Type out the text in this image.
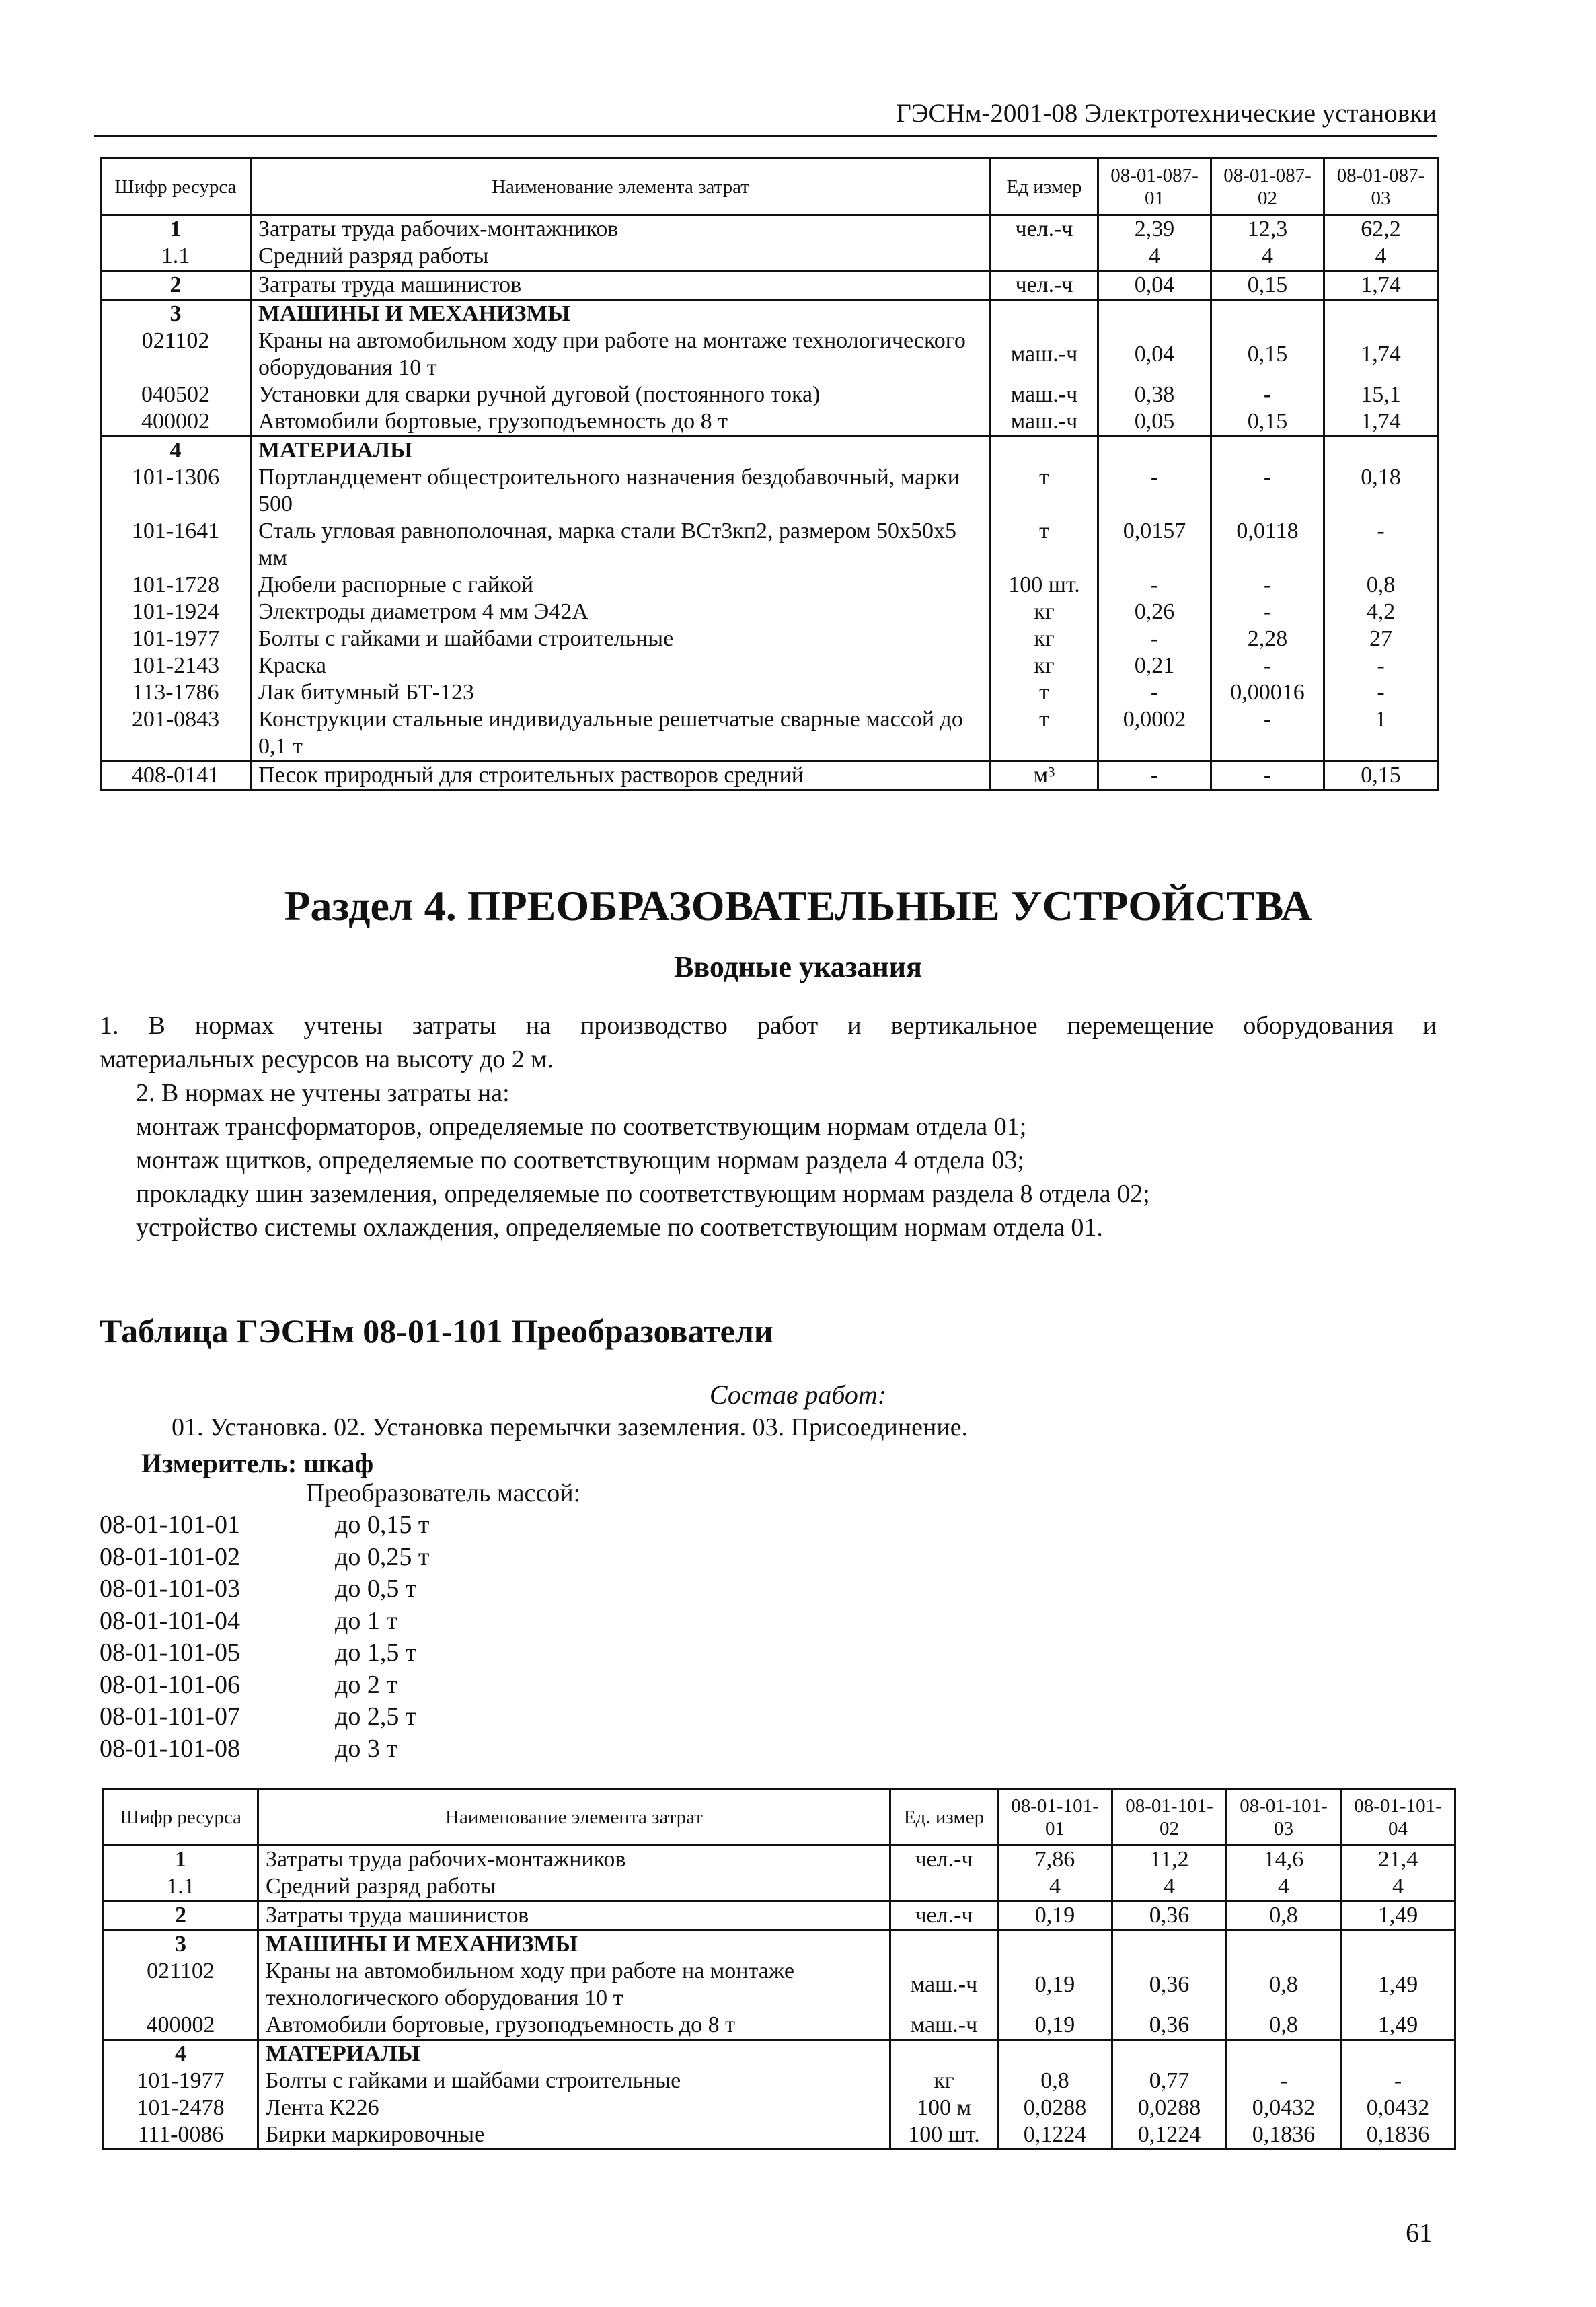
ГЭСНм-2001-08 Электротехнические установки
Шифр ресурса	Наименование элемента затрат	Ед измер	08-01-087-01	08-01-087-02	08-01-087-03
1	Затраты труда рабочих-монтажников	чел.-ч	2,39	12,3	62,2
1.1	Средний разряд работы		4	4	4
2	Затраты труда машинистов	чел.-ч	0,04	0,15	1,74
3	МАШИНЫ И МЕХАНИЗМЫ				
021102	Краны на автомобильном ходу при работе на монтаже технологического оборудования 10 т	маш.-ч	0,04	0,15	1,74
040502	Установки для сварки ручной дуговой (постоянного тока)	маш.-ч	0,38	-	15,1
400002	Автомобили бортовые, грузоподъемность до 8 т	маш.-ч	0,05	0,15	1,74
4	МАТЕРИАЛЫ				
101-1306	Портландцемент общестроительного назначения бездобавочный, марки 500	т	-	-	0,18
101-1641	Сталь угловая равнополочная, марка стали ВСт3кп2, размером 50х50х5 мм	т	0,0157	0,0118	-
101-1728	Дюбели распорные с гайкой	100 шт.	-	-	0,8
101-1924	Электроды диаметром 4 мм Э42А	кг	0,26	-	4,2
101-1977	Болты с гайками и шайбами строительные	кг	-	2,28	27
101-2143	Краска	кг	0,21	-	-
113-1786	Лак битумный БТ-123	т	-	0,00016	-
201-0843	Конструкции стальные индивидуальные решетчатые сварные массой до 0,1 т	т	0,0002	-	1
408-0141	Песок природный для строительных растворов средний	м³	-	-	0,15
Раздел 4. ПРЕОБРАЗОВАТЕЛЬНЫЕ УСТРОЙСТВА
Вводные указания
1. В нормах учтены затраты на производство работ и вертикальное перемещение оборудования и
материальных ресурсов на высоту до 2 м.
2. В нормах не учтены затраты на:
монтаж трансформаторов, определяемые по соответствующим нормам отдела 01;
монтаж щитков, определяемые по соответствующим нормам раздела 4 отдела 03;
прокладку шин заземления, определяемые по соответствующим нормам раздела 8 отдела 02;
устройство системы охлаждения, определяемые по соответствующим нормам отдела 01.
Таблица ГЭСНм 08-01-101 Преобразователи
Состав работ:
01. Установка. 02. Установка перемычки заземления. 03. Присоединение.
Измеритель: шкаф
Преобразователь массой:
08-01-101-01	до 0,15 т
08-01-101-02	до 0,25 т
08-01-101-03	до 0,5 т
08-01-101-04	до 1 т
08-01-101-05	до 1,5 т
08-01-101-06	до 2 т
08-01-101-07	до 2,5 т
08-01-101-08	до 3 т
Шифр ресурса	Наименование элемента затрат	Ед. измер	08-01-101-01	08-01-101-02	08-01-101-03	08-01-101-04
1	Затраты труда рабочих-монтажников	чел.-ч	7,86	11,2	14,6	21,4
1.1	Средний разряд работы		4	4	4	4
2	Затраты труда машинистов	чел.-ч	0,19	0,36	0,8	1,49
3	МАШИНЫ И МЕХАНИЗМЫ					
021102	Краны на автомобильном ходу при работе на монтаже технологического оборудования 10 т	маш.-ч	0,19	0,36	0,8	1,49
400002	Автомобили бортовые, грузоподъемность до 8 т	маш.-ч	0,19	0,36	0,8	1,49
4	МАТЕРИАЛЫ					
101-1977	Болты с гайками и шайбами строительные	кг	0,8	0,77	-	-
101-2478	Лента К226	100 м	0,0288	0,0288	0,0432	0,0432
111-0086	Бирки маркировочные	100 шт.	0,1224	0,1224	0,1836	0,1836
61
